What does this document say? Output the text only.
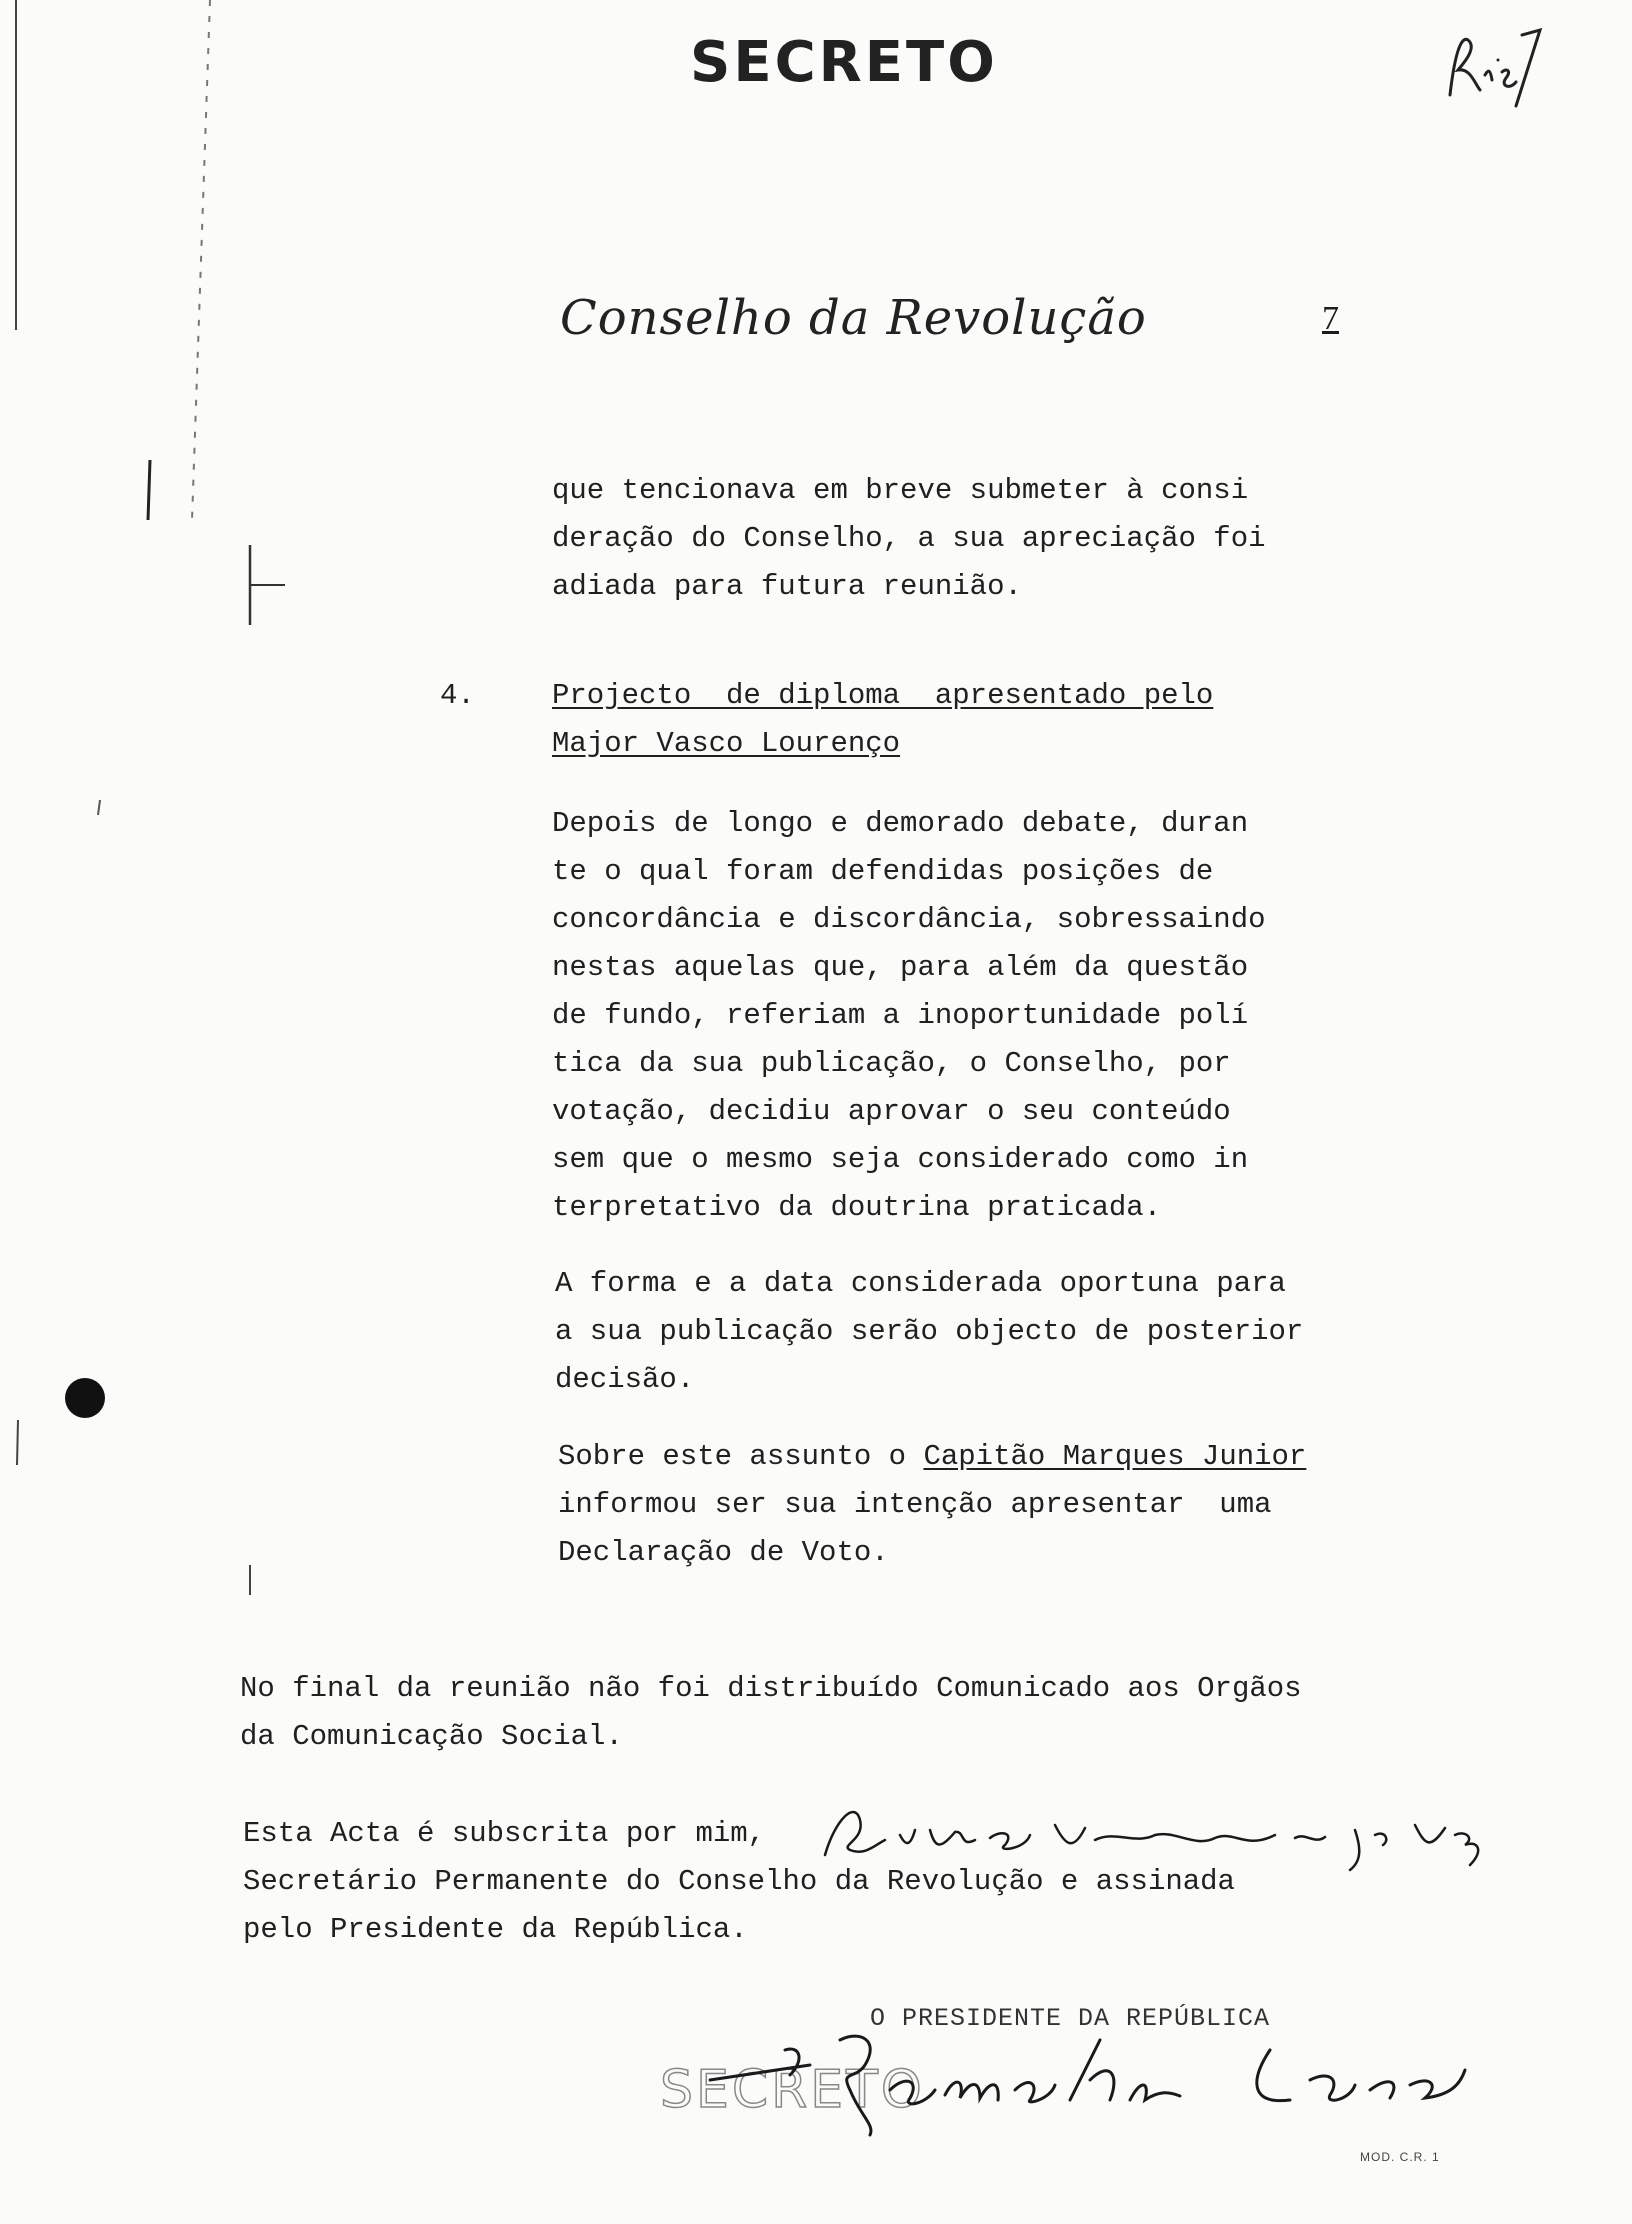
SECRETO
Rui
Conselho da Revolução	7
que tencionava em breve submeter à consi
deração do Conselho, a sua apreciação foi
adiada para futura reunião.
4.	Projecto  de diploma  apresentado pelo
Major Vasco Lourenço
Depois de longo e demorado debate, duran
te o qual foram defendidas posições de
concordância e discordância, sobressaindo
nestas aquelas que, para além da questão
de fundo, referiam a inoportunidade polí
tica da sua publicação, o Conselho, por
votação, decidiu aprovar o seu conteúdo
sem que o mesmo seja considerado como in
terpretativo da doutrina praticada.
A forma e a data considerada oportuna para
a sua publicação serão objecto de posterior
decisão.
Sobre este assunto o Capitão Marques Junior
informou ser sua intenção apresentar  uma
Declaração de Voto.
No final da reunião não foi distribuído Comunicado aos Orgãos
da Comunicação Social.
Esta Acta é subscrita por mim,
Secretário Permanente do Conselho da Revolução e assinada
pelo Presidente da República.
O PRESIDENTE DA REPÚBLICA
SECRETO
MOD. C.R. 1
